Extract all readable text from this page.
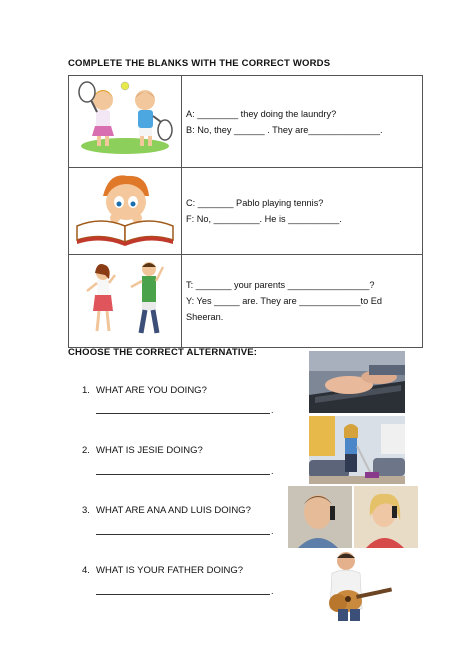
COMPLETE THE BLANKS WITH THE CORRECT WORDS

A: ________ they doing the laundry?
B: No, they ______ . They are______________.

C: _______ Pablo playing tennis?
F: No, _________. He is __________.

T: _______ your parents ________________?
Y: Yes _____ are. They are ____________to Ed
Sheeran.
CHOOSE THE CORRECT ALTERNATIVE:
1. WHAT ARE YOU DOING?
.
2. WHAT IS JESIE DOING?
.
3. WHAT ARE ANA AND LUIS DOING?
.
4. WHAT IS YOUR FATHER DOING?
.
